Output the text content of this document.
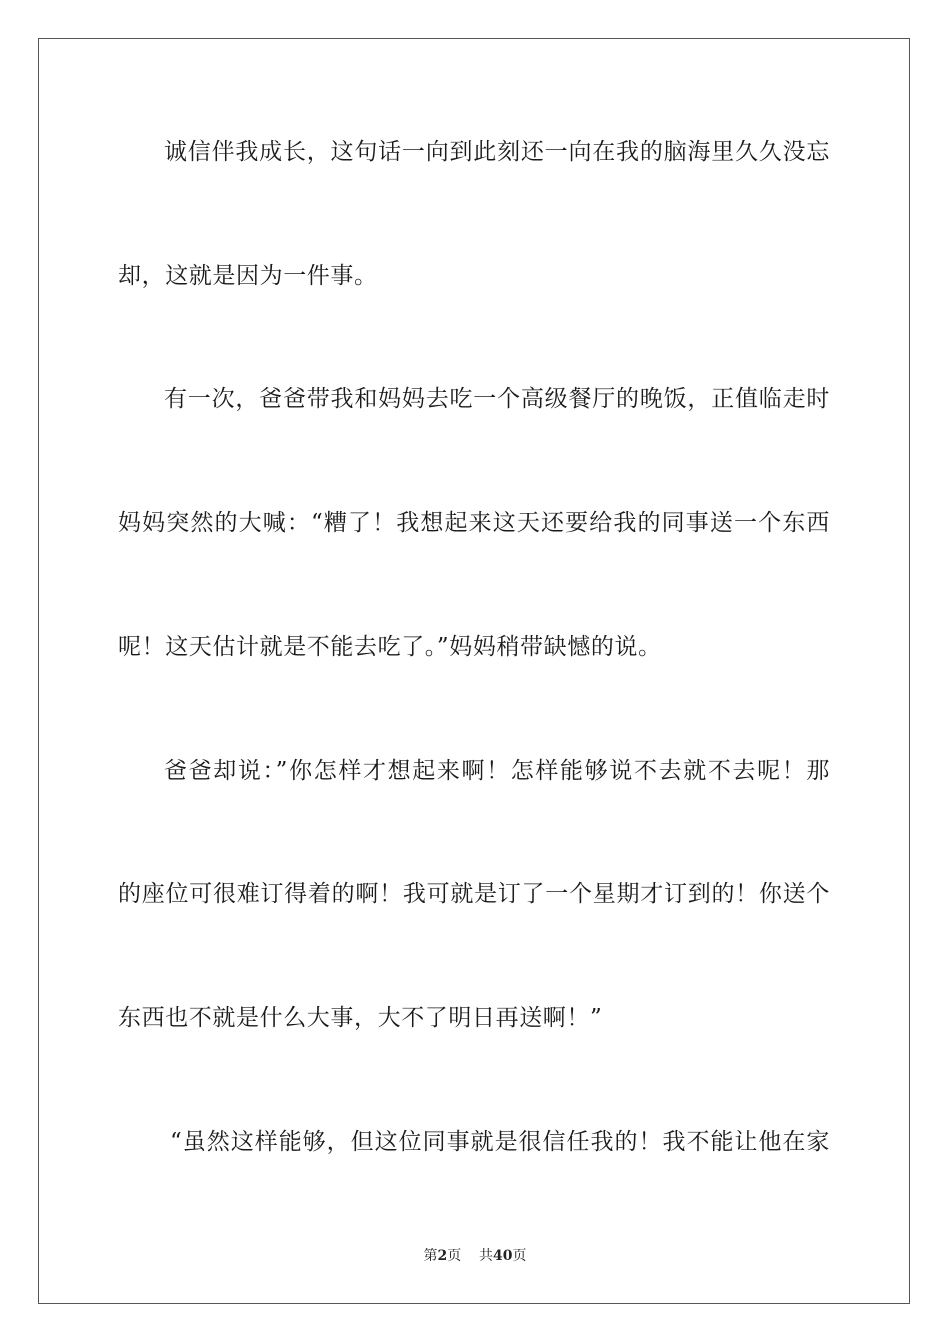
诚信伴我成长，这句话一向到此刻还一向在我的脑海里久久没忘
却，这就是因为一件事。
有一次，爸爸带我和妈妈去吃一个高级餐厅的晚饭，正值临走时
妈妈突然的大喊：“糟了！我想起来这天还要给我的同事送一个东西
呢！这天估计就是不能去吃了。”妈妈稍带缺憾的说。
爸爸却说：”你怎样才想起来啊！怎样能够说不去就不去呢！那
的座位可很难订得着的啊！我可就是订了一个星期才订到的！你送个
东西也不就是什么大事，大不了明日再送啊！”
“虽然这样能够，但这位同事就是很信任我的！我不能让他在家
第2页 共40页
